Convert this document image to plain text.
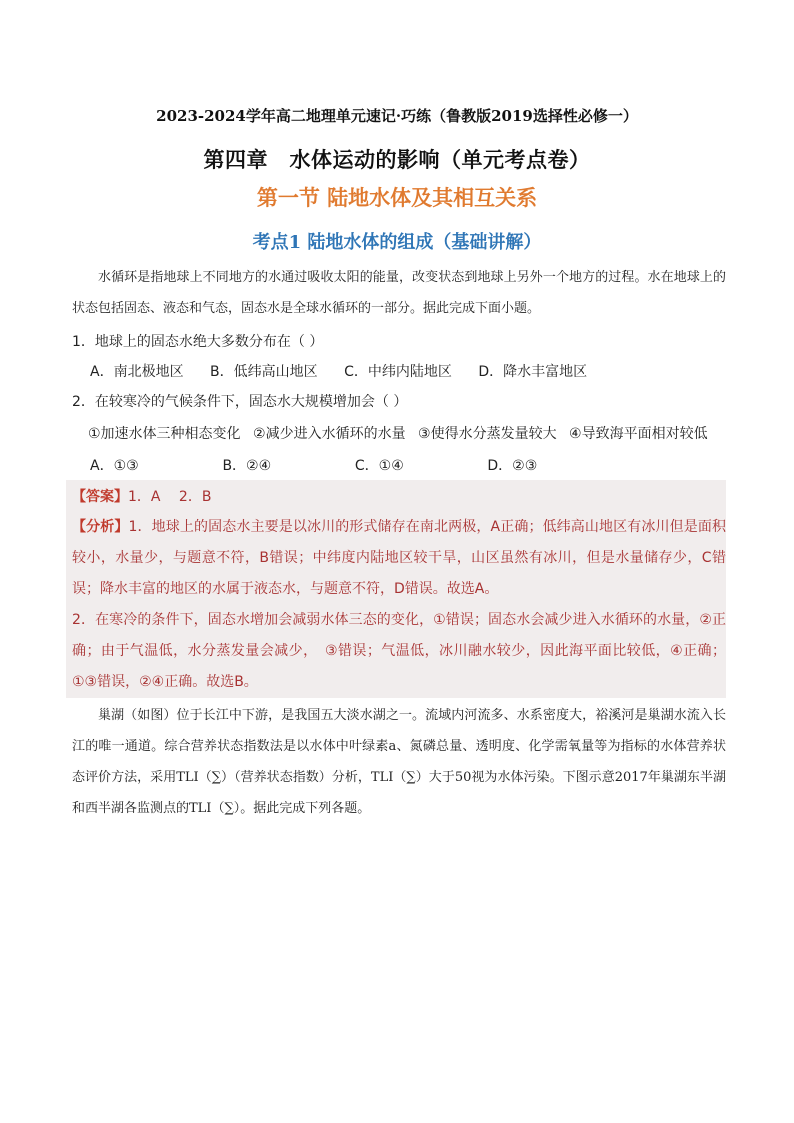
2023-2024学年高二地理单元速记·巧练（鲁教版2019选择性必修一）
第四章　水体运动的影响（单元考点卷）
第一节 陆地水体及其相互关系
考点1 陆地水体的组成（基础讲解）
水循环是指地球上不同地方的水通过吸收太阳的能量，改变状态到地球上另外一个地方的过程。水在地球上的状态包括固态、液态和气态，固态水是全球水循环的一部分。据此完成下面小题。
1．地球上的固态水绝大多数分布在（ ）
A．南北极地区 B．低纬高山地区 C．中纬内陆地区 D．降水丰富地区
2．在较寒冷的气候条件下，固态水大规模增加会（ ）
①加速水体三种相态变化 ②减少进入水循环的水量 ③使得水分蒸发量较大 ④导致海平面相对较低
A．①③	B．②④	C．①④	D．②③
【答案】1．A　 2．B
【分析】1．地球上的固态水主要是以冰川的形式储存在南北两极，A正确；低纬高山地区有冰川但是面积较小，水量少，与题意不符，B错误；中纬度内陆地区较干旱，山区虽然有冰川，但是水量储存少，C错误；降水丰富的地区的水属于液态水，与题意不符，D错误。故选A。
2．在寒冷的条件下，固态水增加会减弱水体三态的变化，①错误；固态水会减少进入水循环的水量，②正确；由于气温低，水分蒸发量会减少，　③错误；气温低，冰川融水较少，因此海平面比较低，④正确；①③错误，②④正确。故选B。
巢湖（如图）位于长江中下游，是我国五大淡水湖之一。流域内河流多、水系密度大，裕溪河是巢湖水流入长江的唯一通道。综合营养状态指数法是以水体中叶绿素a、氮磷总量、透明度、化学需氧量等为指标的水体营养状态评价方法，采用TLI（∑）（营养状态指数）分析，TLI（∑）大于50视为水体污染。下图示意2017年巢湖东半湖和西半湖各监测点的TLI（∑）。据此完成下列各题。
